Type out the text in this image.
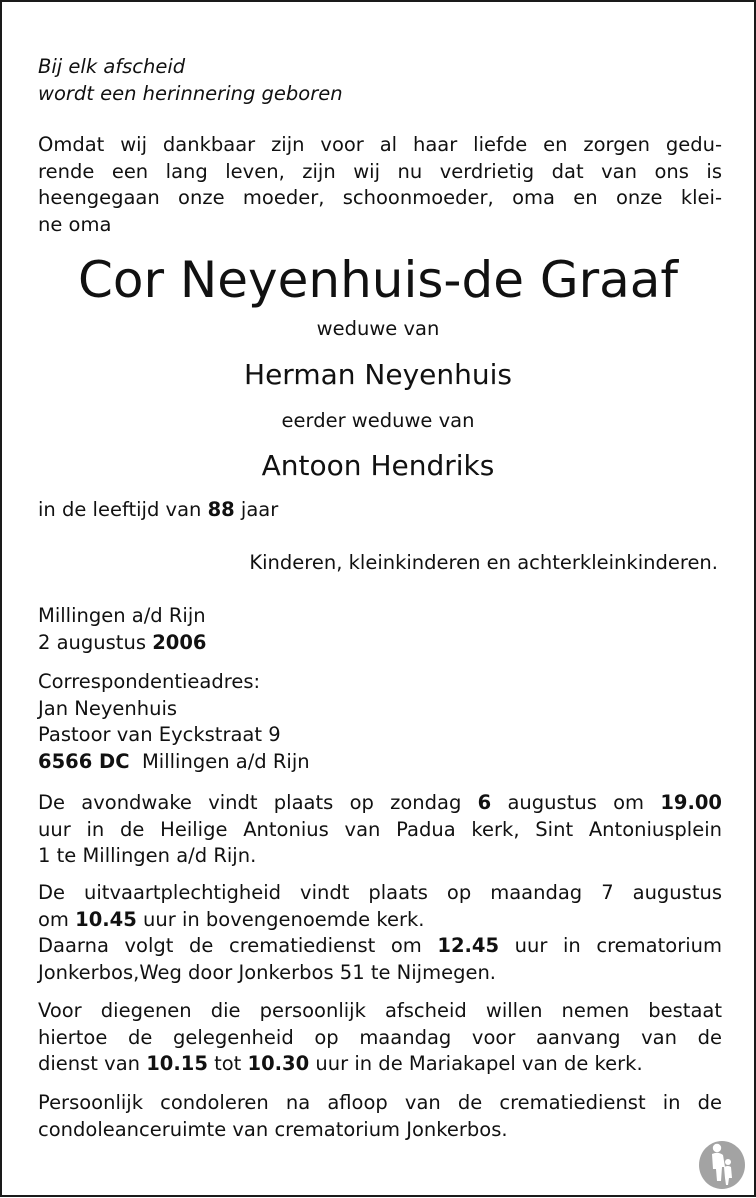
Bij elk afscheid
wordt een herinnering geboren
Omdat wij dankbaar zijn voor al haar liefde en zorgen gedu-
rende een lang leven, zijn wij nu verdrietig dat van ons is
heengegaan onze moeder, schoonmoeder, oma en onze klei-
ne oma
Cor Neyenhuis-de Graaf
weduwe van
Herman Neyenhuis
eerder weduwe van
Antoon Hendriks
in de leeftijd van 88 jaar
Kinderen, kleinkinderen en achterkleinkinderen.
Millingen a/d Rijn
2 augustus 2006
Correspondentieadres:
Jan Neyenhuis
Pastoor van Eyckstraat 9
6566 DC Millingen a/d Rijn
De avondwake vindt plaats op zondag 6 augustus om 19.00
uur in de Heilige Antonius van Padua kerk, Sint Antoniusplein
1 te Millingen a/d Rijn.
De uitvaartplechtigheid vindt plaats op maandag 7 augustus
om 10.45 uur in bovengenoemde kerk.
Daarna volgt de crematiedienst om 12.45 uur in crematorium
Jonkerbos,Weg door Jonkerbos 51 te Nijmegen.
Voor diegenen die persoonlijk afscheid willen nemen bestaat
hiertoe de gelegenheid op maandag voor aanvang van de
dienst van 10.15 tot 10.30 uur in de Mariakapel van de kerk.
Persoonlijk condoleren na afloop van de crematiedienst in de
condoleanceruimte van crematorium Jonkerbos.
